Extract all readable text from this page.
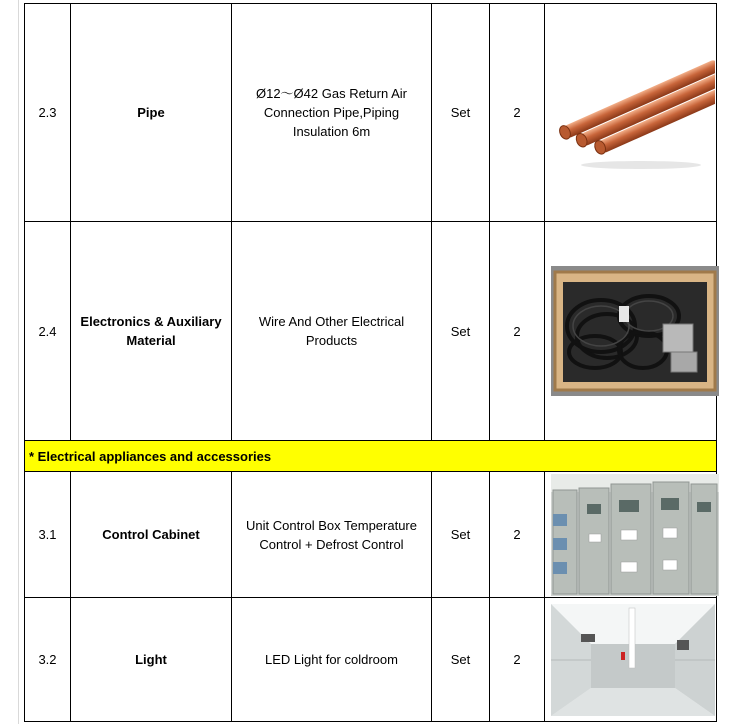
2.3	Pipe	Ø12～Ø42 Gas Return Air Connection Pipe,Piping Insulation 6m	Set	2	

2.4	Electronics & Auxiliary Material	Wire And Other Electrical Products	Set	2	

* Electrical appliances and accessories					
3.1	Control Cabinet	Unit Control Box Temperature Control + Defrost Control	Set	2	

3.2	Light	LED Light for coldroom	Set	2	
